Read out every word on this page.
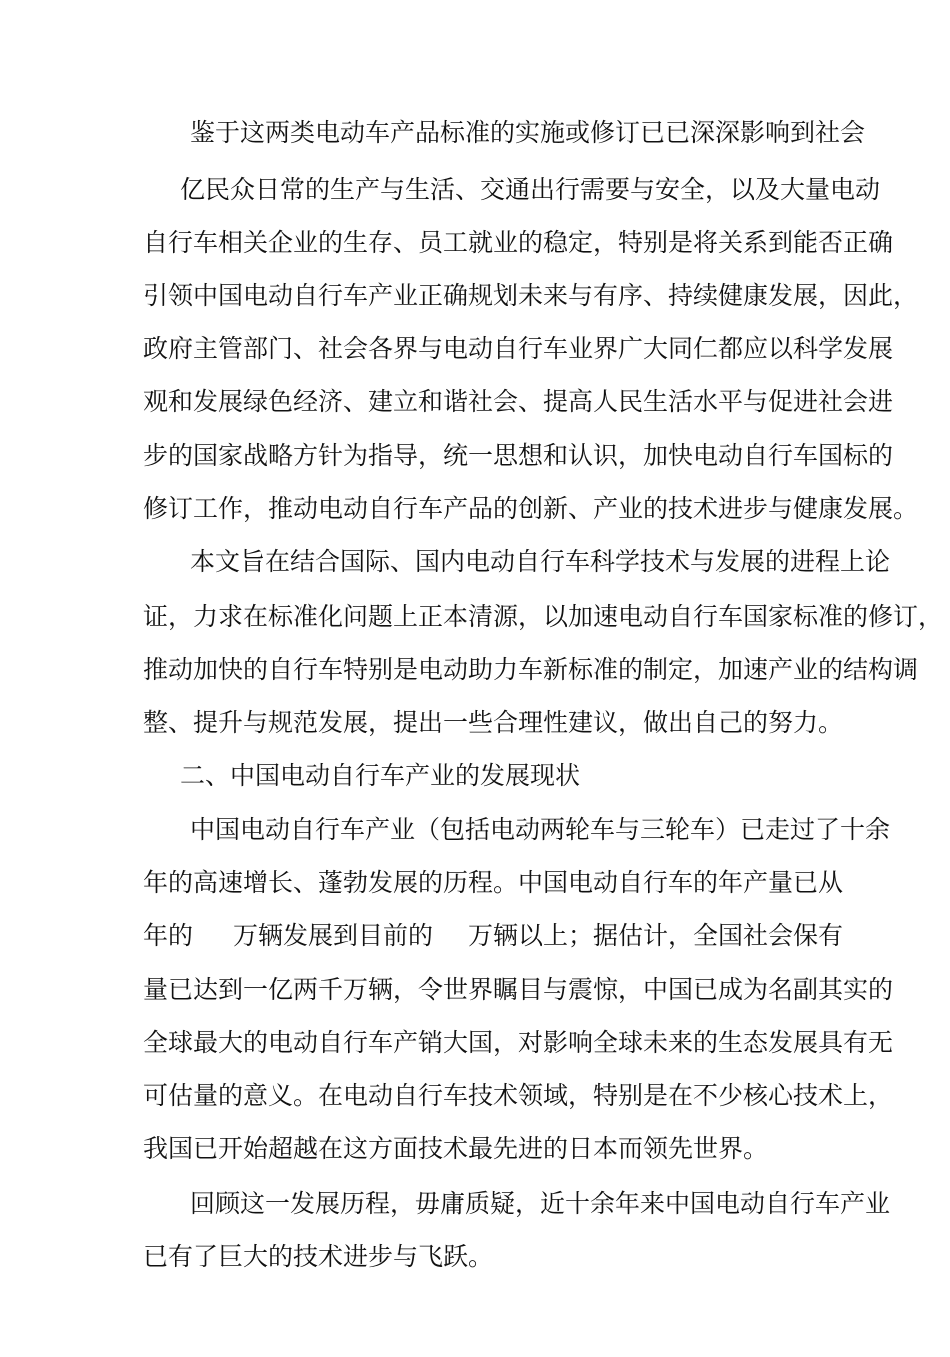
鉴于这两类电动车产品标准的实施或修订已已深深影响到社会

亿民众日常的生产与生活、交通出行需要与安全，以及大量电动

自行车相关企业的生存、员工就业的稳定，特别是将关系到能否正确

引领中国电动自行车产业正确规划未来与有序、持续健康发展，因此，

政府主管部门、社会各界与电动自行车业界广大同仁都应以科学发展

观和发展绿色经济、建立和谐社会、提高人民生活水平与促进社会进

步的国家战略方针为指导，统一思想和认识，加快电动自行车国标的

修订工作，推动电动自行车产品的创新、产业的技术进步与健康发展。

本文旨在结合国际、国内电动自行车科学技术与发展的进程上论

证，力求在标准化问题上正本清源，以加速电动自行车国家标准的修订，

推动加快的自行车特别是电动助力车新标准的制定，加速产业的结构调

整、提升与规范发展，提出一些合理性建议，做出自己的努力。

二、中国电动自行车产业的发展现状

中国电动自行车产业（包括电动两轮车与三轮车）已走过了十余

年的高速增长、蓬勃发展的历程。中国电动自行车的年产量已从

年的

万辆发展到目前的

万辆以上；据估计，全国社会保有

量已达到一亿两千万辆，令世界瞩目与震惊，中国已成为名副其实的

全球最大的电动自行车产销大国，对影响全球未来的生态发展具有无

可估量的意义。在电动自行车技术领域，特别是在不少核心技术上，

我国已开始超越在这方面技术最先进的日本而领先世界。

回顾这一发展历程，毋庸质疑，近十余年来中国电动自行车产业

已有了巨大的技术进步与飞跃。
